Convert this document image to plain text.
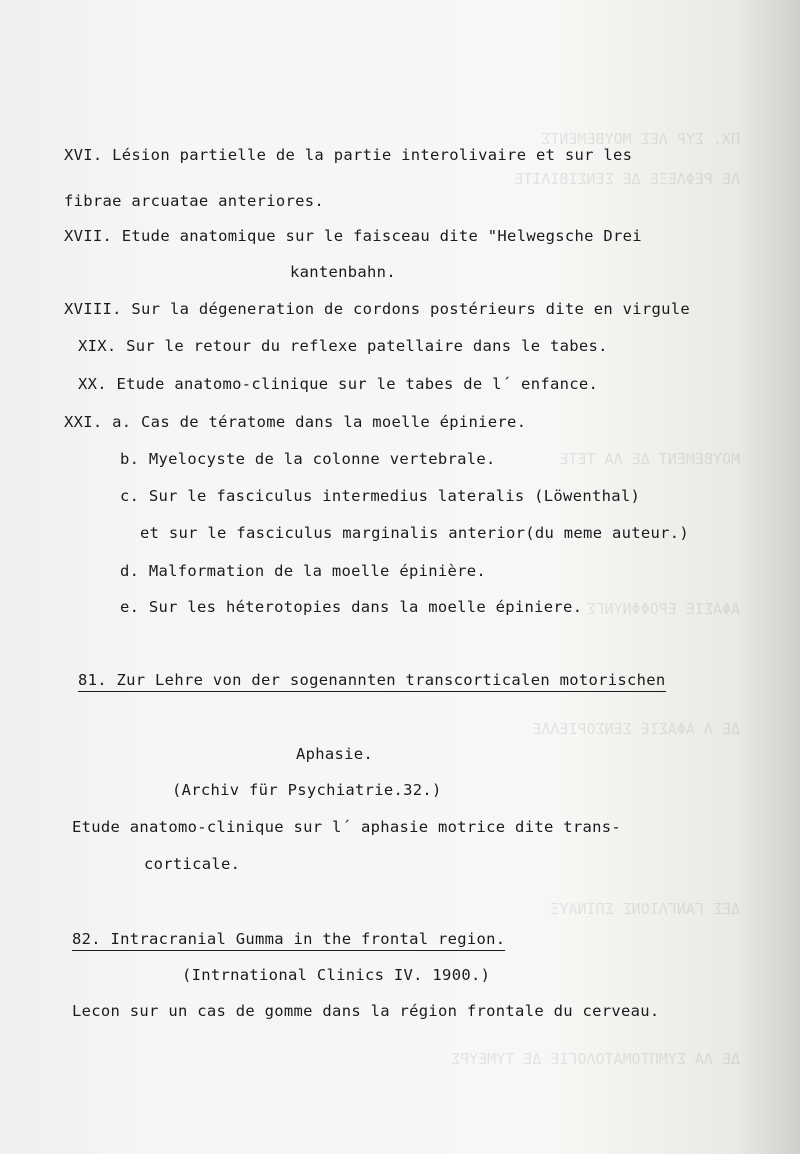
ΠΧ. ΣΥΡ ΛΕΣ ΜΟΥΒΕΜΕΝΤΣ
ΛΕ ΡΕΦΛΕΞΕ ΔΕ ΣΕΝΣΙΒΙΛΙΤΕ
ΜΟΥΒΕΜΕΝΤ ΔΕ ΛΑ ΤΕΤΕ
ΑΦΑΣΙΕ ΕΡΟΦΦΝΥΝΓΣ
ΔΕ Λ ΑΦΑΣΙΕ ΣΕΝΣΟΡΙΕΛΛΕ
ΔΕΣ ΓΑΝΓΛΙΟΝΣ ΣΠΙΝΑΥΞ
ΔΕ ΛΑ ΣΥΜΠΤΟΜΑΤΟΛΟΓΙΕ ΔΕ ΤΥΜΕΥΡΣ
XVI. Lésion partielle de la partie interolivaire et sur les
fibrae arcuatae anteriores.
XVII. Etude anatomique sur le faisceau dite "Helwegsche Drei
kantenbahn.
XVIII. Sur la dégeneration de cordons postérieurs dite en virgule
XIX. Sur le retour du reflexe patellaire dans le tabes.
XX. Etude anatomo-clinique sur le tabes de l´ enfance.
XXI. a. Cas de tératome dans la moelle épiniere.
b. Myelocyste de la colonne vertebrale.
c. Sur le fasciculus intermedius lateralis (Löwenthal)
et sur le fasciculus marginalis anterior(du meme auteur.)
d. Malformation de la moelle épinière.
e. Sur les héterotopies dans la moelle épiniere.
81. Zur Lehre von der sogenannten transcorticalen motorischen
Aphasie.
(Archiv für Psychiatrie.32.)
Etude anatomo-clinique sur l´ aphasie motrice dite trans-
corticale.
82. Intracranial Gumma in the frontal region.
(Intrnational Clinics IV. 1900.)
Lecon sur un cas de gomme dans la région frontale du cerveau.
